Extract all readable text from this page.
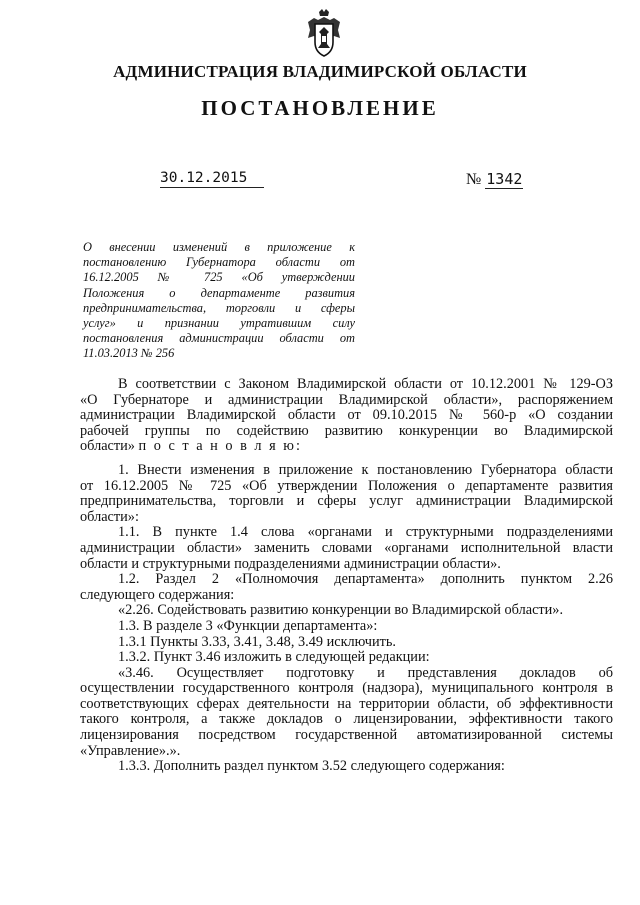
АДМИНИСТРАЦИЯ ВЛАДИМИРСКОЙ ОБЛАСТИ
ПОСТАНОВЛЕНИЕ
30.12.2015	№ 1342
О внесении изменений в приложение к
постановлению Губернатора области от
16.12.2005 № 725 «Об утверждении
Положения о департаменте развития
предпринимательства, торговли и сферы
услуг» и признании утратившим силу
постановления администрации области от
11.03.2013 № 256

В соответствии с Законом Владимирской области от 10.12.2001 № 129-ОЗ
«О Губернаторе и администрации Владимирской области», распоряжением
администрации Владимирской области от 09.10.2015 № 560-р «О создании
рабочей группы по содействию развитию конкуренции во Владимирской
области» п о с т а н о в л я ю:

1. Внести изменения в приложение к постановлению Губернатора области
от 16.12.2005 № 725 «Об утверждении Положения о департаменте развития
предпринимательства, торговли и сферы услуг администрации Владимирской
области»:

1.1. В пункте 1.4 слова «органами и структурными подразделениями
администрации области» заменить словами «органами исполнительной власти
области и структурными подразделениями администрации области».

1.2. Раздел 2 «Полномочия департамента» дополнить пунктом 2.26
следующего содержания:

«2.26. Содействовать развитию конкуренции во Владимирской области».

1.3. В разделе 3 «Функции департамента»:

1.3.1 Пункты 3.33, 3.41, 3.48, 3.49 исключить.

1.3.2. Пункт 3.46 изложить в следующей редакции:

«3.46. Осуществляет подготовку и представления докладов об
осуществлении государственного контроля (надзора), муниципального контроля в
соответствующих сферах деятельности на территории области, об эффективности
такого контроля, а также докладов о лицензировании, эффективности такого
лицензирования посредством государственной автоматизированной системы
«Управление».».

1.3.3. Дополнить раздел пунктом 3.52 следующего содержания:
